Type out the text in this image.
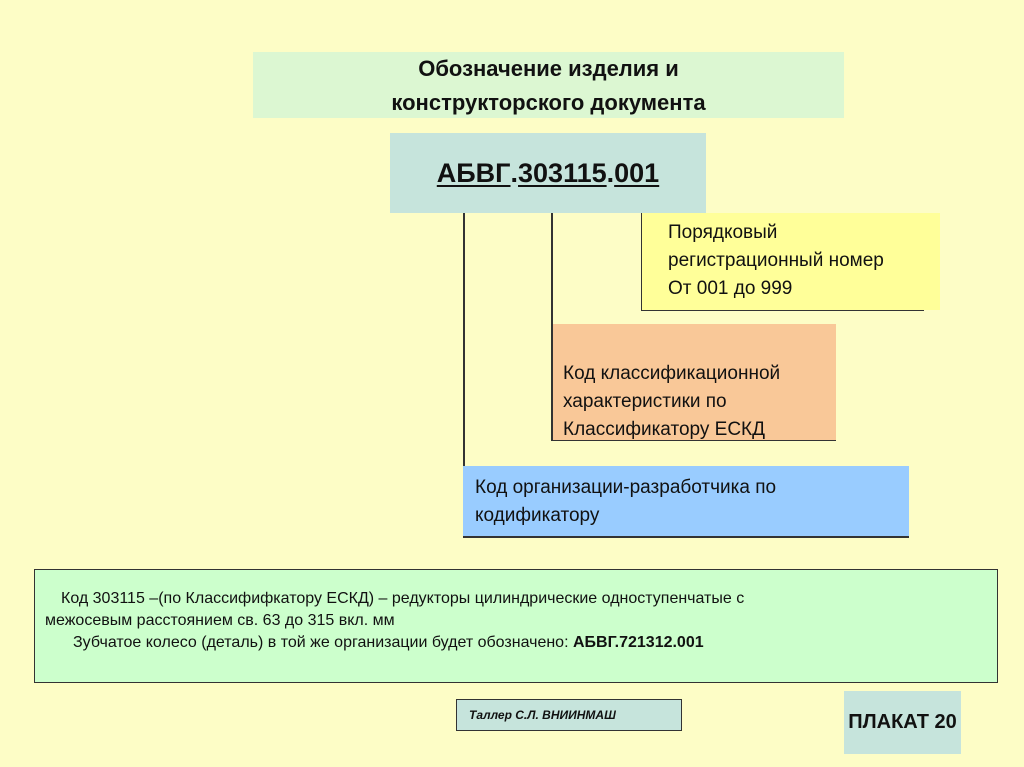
Обозначение изделия и
конструкторского документа
АБВГ . 303115 . 001
Порядковый
регистрационный номер
От 001 до 999
Код классификационной
характеристики по
Классификатору ЕСКД
Код организации-разработчика по
кодификатору

Код 303115 –(по Классифифкатору ЕСКД) – редукторы цилиндрические одноступенчатые с

межосевым расстоянием св. 63 до 315 вкл. мм

Зубчатое колесо (деталь) в той же организации будет обозначено: АБВГ.721312.001

Таллер С.Л. ВНИИНМАШ	ПЛАКАТ 20
